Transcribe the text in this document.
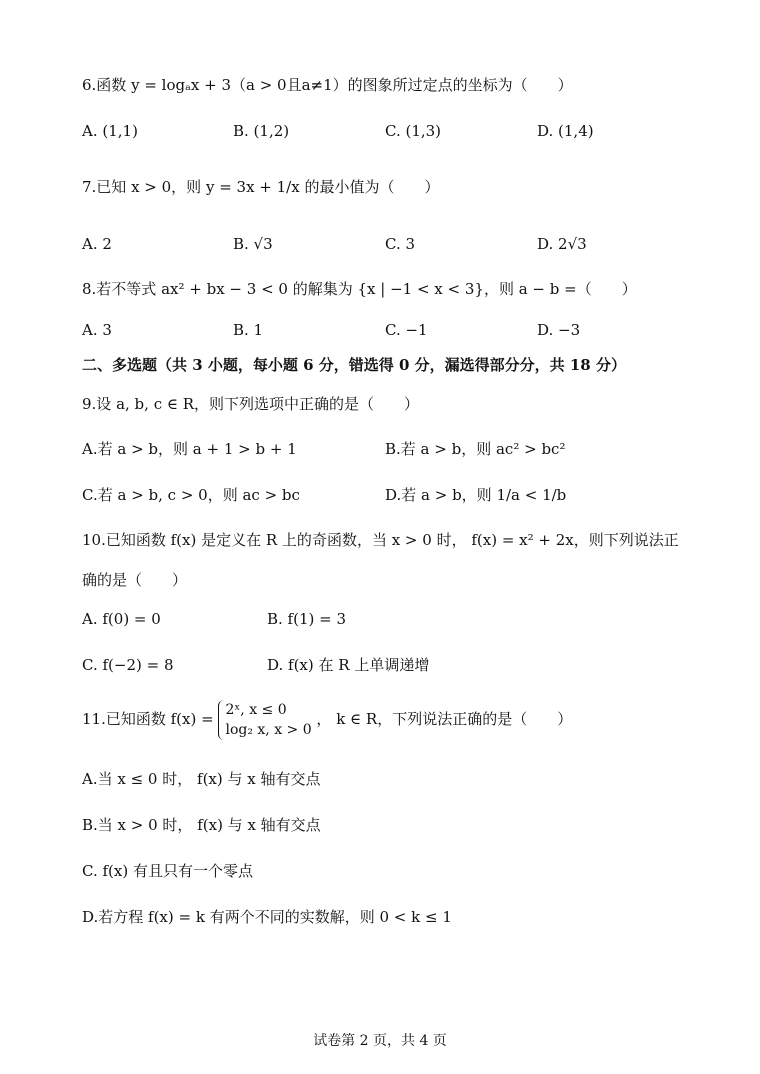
6.函数 y = logₐx + 3（a > 0且a≠1）的图象所过定点的坐标为（　　）
A. (1,1)	B. (1,2)	C. (1,3)	D. (1,4)
7.已知 x > 0，则 y = 3x + 1/x 的最小值为（　　）
A. 2	B. √3	C. 3	D. 2√3
8.若不等式 ax² + bx − 3 < 0 的解集为 {x | −1 < x < 3}，则 a − b =（　　）
A. 3	B. 1	C. −1	D. −3
二、多选题（共 3 小题，每小题 6 分，错选得 0 分，漏选得部分分，共 18 分）
9.设 a, b, c ∈ R，则下列选项中正确的是（　　）
A.若 a > b，则 a + 1 > b + 1	B.若 a > b，则 ac² > bc²
C.若 a > b, c > 0，则 ac > bc	D.若 a > b，则 1/a < 1/b
10.已知函数 f(x) 是定义在 R 上的奇函数，当 x > 0 时， f(x) = x² + 2x，则下列说法正
确的是（　　）
A. f(0) = 0	B. f(1) = 3
C. f(−2) = 8	D. f(x) 在 R 上单调递增
11.已知函数 f(x) = 2ˣ, x ≤ 0
log₂ x, x > 0
， k ∈ R，下列说法正确的是（　　）
A.当 x ≤ 0 时， f(x) 与 x 轴有交点
B.当 x > 0 时， f(x) 与 x 轴有交点
C. f(x) 有且只有一个零点
D.若方程 f(x) = k 有两个不同的实数解，则 0 < k ≤ 1
试卷第 2 页，共 4 页
